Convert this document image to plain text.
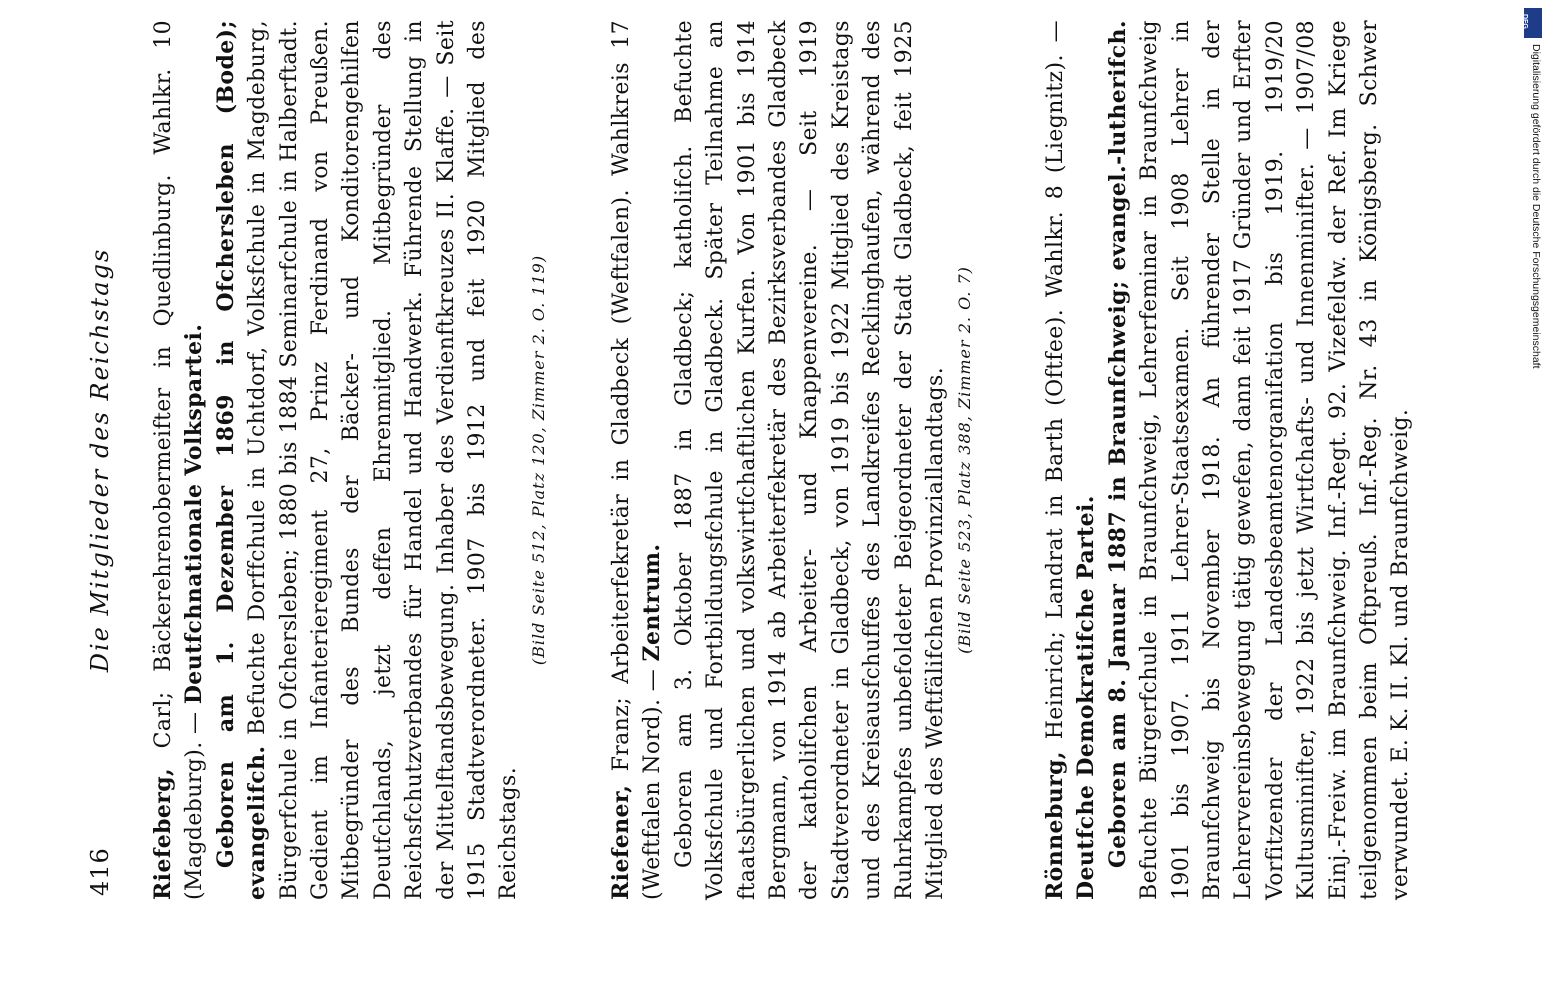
416
Die Mitglieder des Reichstags

Riefeberg, Carl; Bäckerehrenobermeifter in Quedlinburg. Wahlkr. 10 (Magdeburg). — Deutfchnationale Volkspartei. Geboren am 1. Dezember 1869 in Ofchersleben (Bode); evangelifch. Befuchte Dorffchule in Uchtdorf, Volksfchule in Magdeburg, Bürgerfchule in Ofchersleben; 1880 bis 1884 Seminarfchule in Halberftadt. Gedient im Infanterieregiment 27, Prinz Ferdinand von Preußen. Mitbegründer des Bundes der Bäcker- und Konditorengehilfen Deutfchlands, jetzt deffen Ehrenmitglied. Mitbegründer des Reichsfchutzverbandes für Handel und Handwerk. Führende Stellung in der Mittelftandsbewegung. Inhaber des Verdienftkreuzes II. Klaffe. — Seit 1915 Stadtverordneter. 1907 bis 1912 und feit 1920 Mitglied des Reichstags.

(Bild Seite 512, Platz 120, Zimmer 2. O. 119)

Riefener, Franz; Arbeiterfekretär in Gladbeck (Weftfalen). Wahlkreis 17 (Weftfalen Nord). — Zentrum. Geboren am 3. Oktober 1887 in Gladbeck; katholifch. Befuchte Volksfchule und Fortbildungsfchule in Gladbeck. Später Teilnahme an ftaatsbürgerlichen und volkswirtfchaftlichen Kurfen. Von 1901 bis 1914 Bergmann, von 1914 ab Arbeiterfekretär des Bezirksverbandes Gladbeck der katholifchen Arbeiter- und Knappenvereine. — Seit 1919 Stadtverordneter in Gladbeck, von 1919 bis 1922 Mitglied des Kreistags und des Kreisausfchuffes des Landkreifes Recklinghaufen, während des Ruhrkampfes unbefoldeter Beigeordneter der Stadt Gladbeck, feit 1925 Mitglied des Weftfälifchen Provinziallandtags. (Bild Seite 523, Platz 388, Zimmer 2. O. 7)

Rönneburg, Heinrich; Landrat in Barth (Oftfee). Wahlkr. 8 (Liegnitz). — Deutfche Demokratifche Partei. Geboren am 8. Januar 1887 in Braunfchweig; evangel.-lutherifch. Befuchte Bürgerfchule in Braunfchweig, Lehrerfeminar in Braunfchweig 1901 bis 1907. 1911 Lehrer-Staatsexamen. Seit 1908 Lehrer in Braunfchweig bis November 1918. An führender Stelle in der Lehrervereinsbewegung tätig gewefen, dann feit 1917 Gründer und Erfter Vorfitzender der Landesbeamtenorganifation bis 1919. 1919/20 Kultusminifter, 1922 bis jetzt Wirtfchafts- und Innenminifter. — 1907/08 Einj.-Freiw. im Braunfchweig. Inf.-Regt. 92. Vizefeldw. der Ref. Im Kriege teilgenommen beim Oftpreuß. Inf.-Reg. Nr. 43 in Königsberg. Schwer verwundet. E. K. II. Kl. und Braunfchweig.

DFG
Digitalisierung gefördert durch die Deutsche Forschungsgemeinschaft
